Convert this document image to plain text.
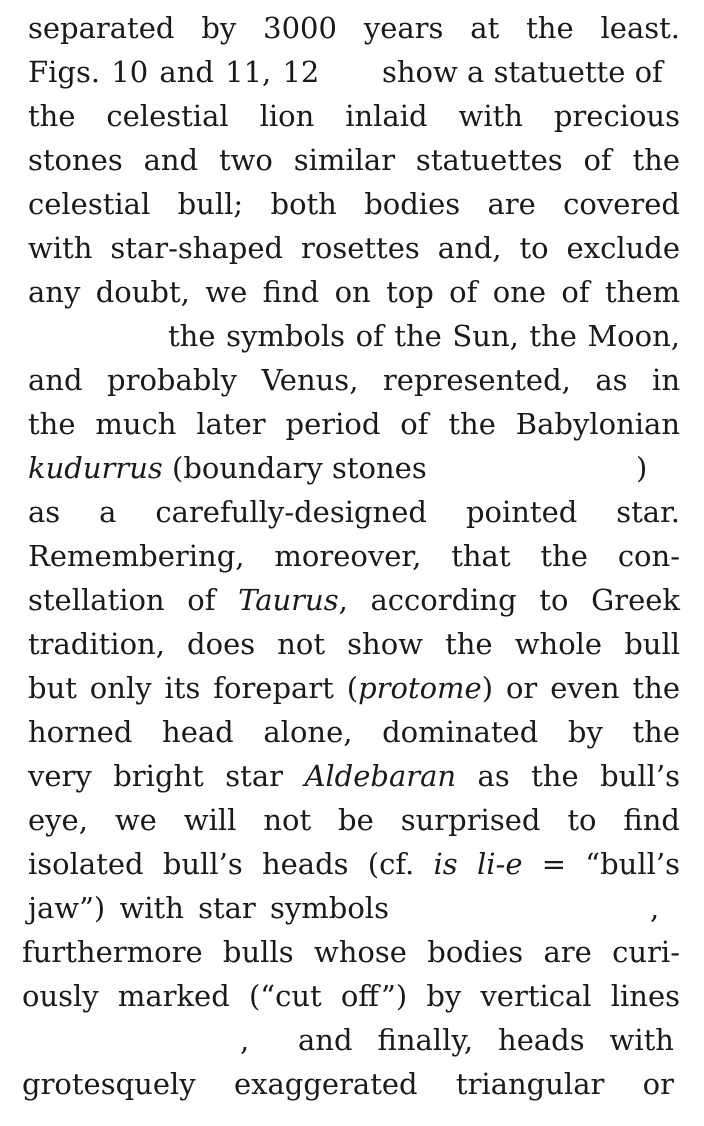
separated by 3000 years at the least.
Figs. 10 and 11, 12 show a statuette of
the celestial lion inlaid with precious
stones and two similar statuettes of the
celestial bull; both bodies are covered
with star-shaped rosettes and, to exclude
any doubt, we find on top of one of them
the symbols of the Sun, the Moon,
and probably Venus, represented, as in
the much later period of the Babylonian
kudurrus (boundary stones	)
as a carefully-designed pointed star.
Remembering, moreover, that the con-
stellation of Taurus, according to Greek
tradition, does not show the whole bull
but only its forepart (protome) or even the
horned head alone, dominated by the
very bright star Aldebaran as the bull’s
eye, we will not be surprised to find
isolated bull’s heads (cf. is li-e = “bull’s
jaw”) with star symbols	,
furthermore bulls whose bodies are curi-
ously marked (“cut off”) by vertical lines
, and finally, heads with
grotesquely exaggerated triangular or
